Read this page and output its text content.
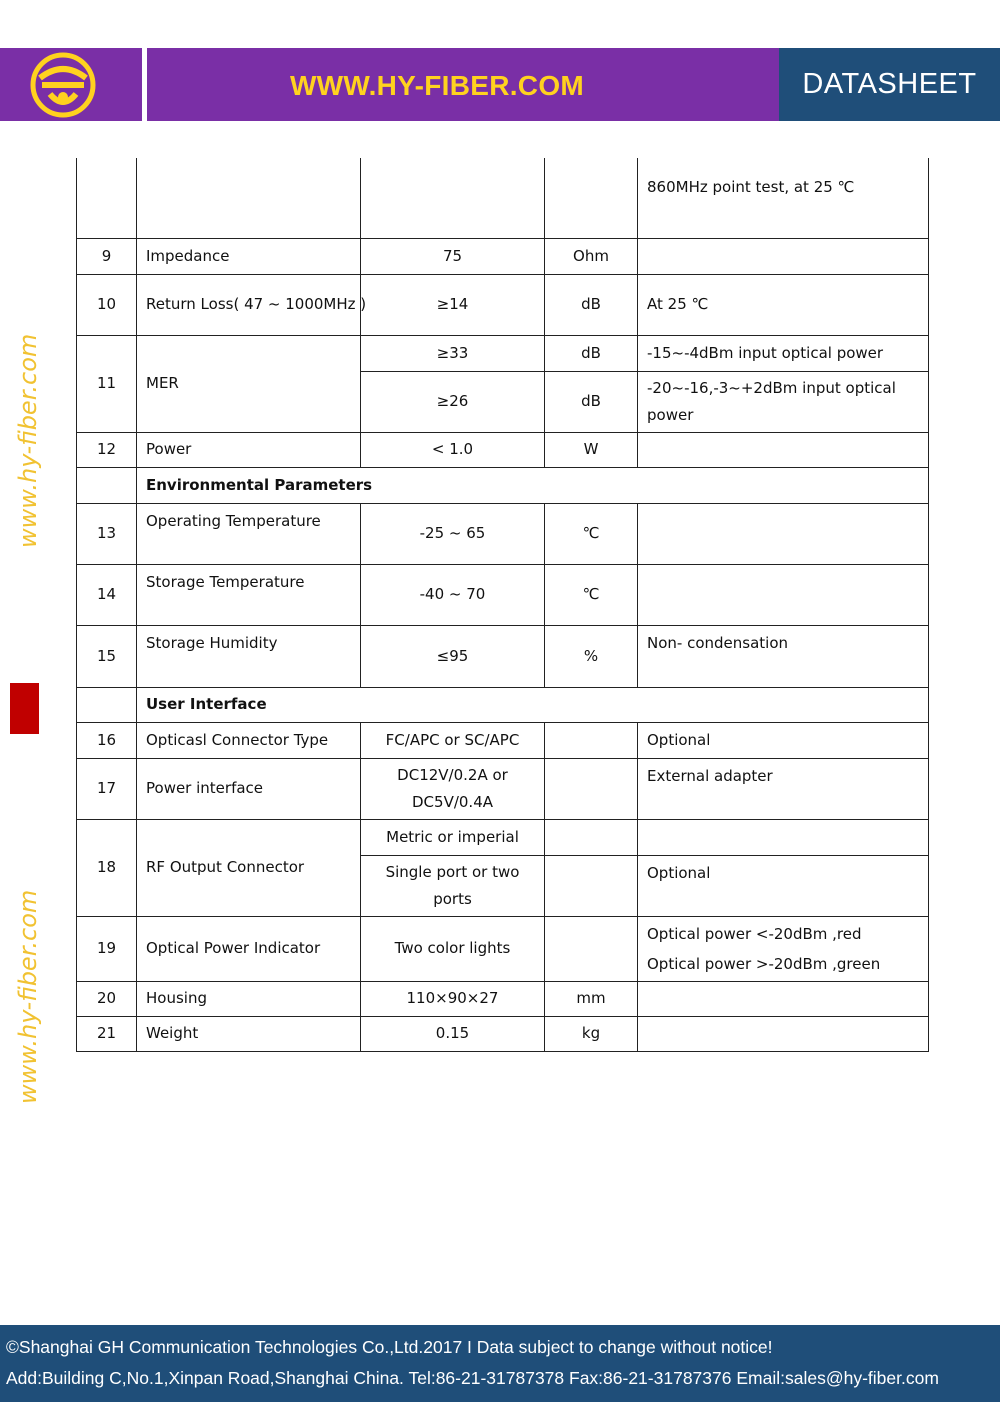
WWW.HY-FIBER.COM	DATASHEET
www.hy-fiber.com
www.hy-fiber.com
				860MHz point test, at 25 ℃
9	Impedance	75	Ohm	
10	Return Loss( 47 ~ 1000MHz )	≥14	dB	At 25 ℃
11	MER	≥33	dB	-15~-4dBm input optical power
		≥26	dB	-20~-16,-3~+2dBm input optical power
12	Power	< 1.0	W	
	Environmental Parameters			
13	Operating Temperature	-25 ~ 65	℃	
14	Storage Temperature	-40 ~ 70	℃	
15	Storage Humidity	≤95	%	Non- condensation
	User Interface			
16	Opticasl Connector Type	FC/APC or SC/APC		Optional
17	Power interface	DC12V/0.2A or DC5V/0.4A		External adapter
18	RF Output Connector	Metric or imperial		
		Single port or two ports		Optional
19	Optical Power Indicator	Two color lights		Optical power <-20dBm ,red
Optical power >-20dBm ,green

20	Housing	110×90×27	mm	
21	Weight	0.15	kg	
©Shanghai GH Communication Technologies Co.,Ltd.2017 I Data subject to change without notice!
Add:Building C,No.1,Xinpan Road,Shanghai China. Tel:86-21-31787378 Fax:86-21-31787376 Email:sales@hy-fiber.com
